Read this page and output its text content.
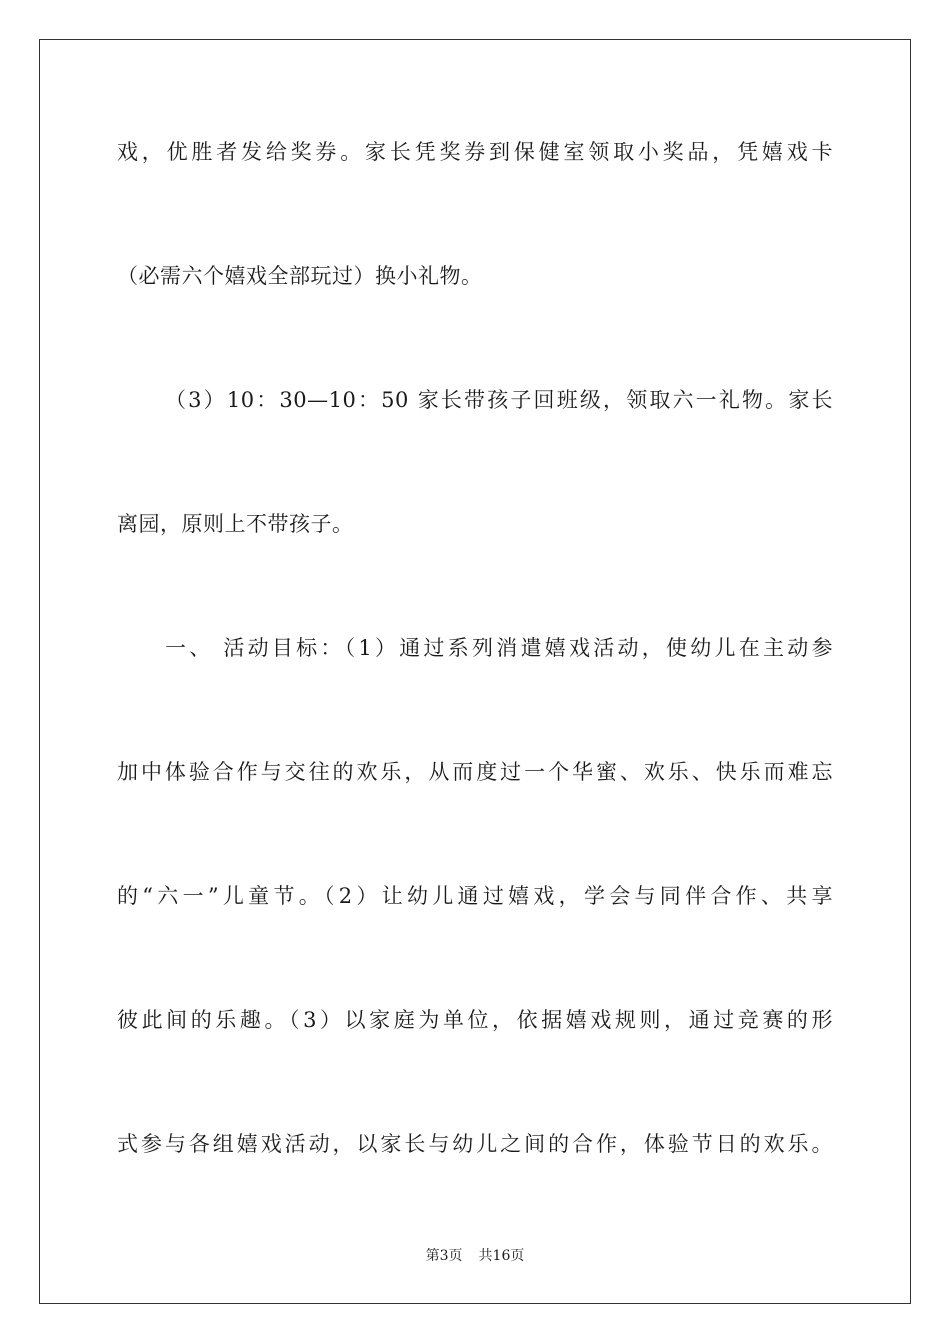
戏，优胜者发给奖券。家长凭奖券到保健室领取小奖品，凭嬉戏卡
（必需六个嬉戏全部玩过）换小礼物。
（3）10：30—10：50 家长带孩子回班级，领取六一礼物。家长
离园，原则上不带孩子。
一、 活动目标：（1）通过系列消遣嬉戏活动，使幼儿在主动参
加中体验合作与交往的欢乐，从而度过一个华蜜、欢乐、快乐而难忘
的“六一”儿童节。（2）让幼儿通过嬉戏，学会与同伴合作、共享
彼此间的乐趣。（3）以家庭为单位，依据嬉戏规则，通过竞赛的形
式参与各组嬉戏活动，以家长与幼儿之间的合作，体验节日的欢乐。
第3页 共16页
